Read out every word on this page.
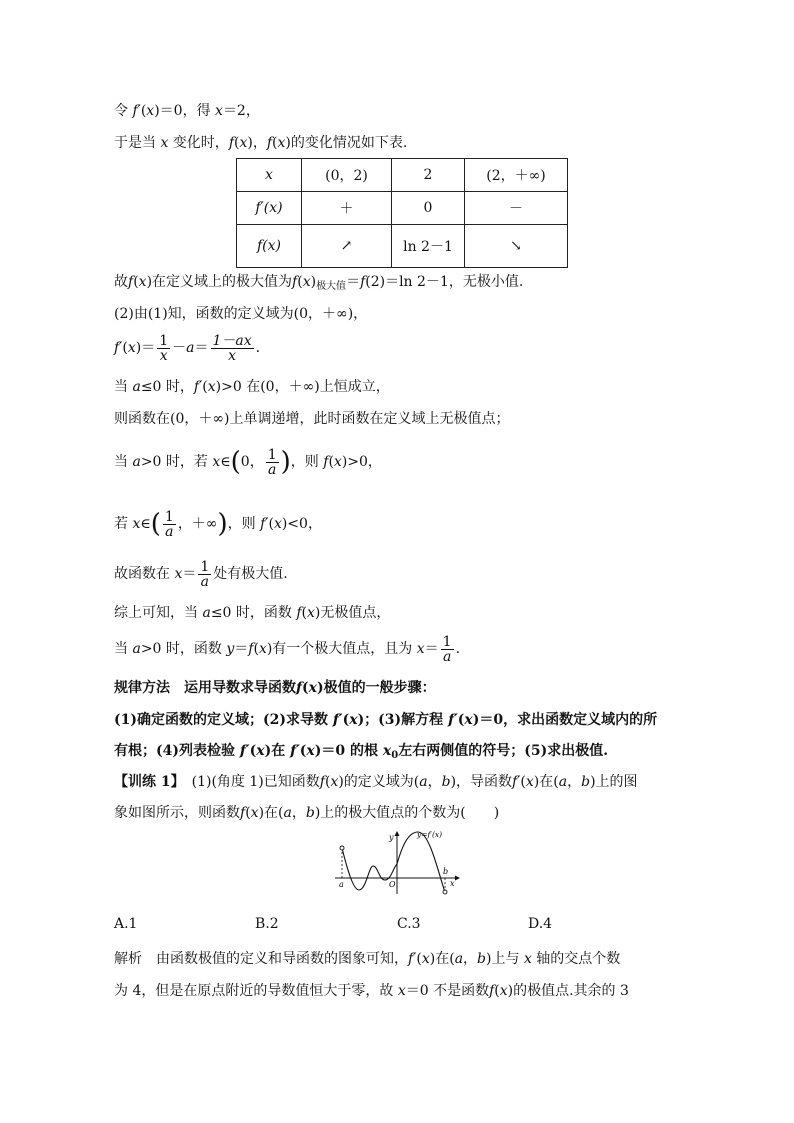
令 f′(x)＝0，得 x＝2，
于是当 x 变化时，f(x)，f(x)的变化情况如下表.
x	(0，2)	2	(2，＋∞)
f′(x)	＋	0	－
f(x)	↗	ln 2－1	↘
故f(x)在定义域上的极大值为$f(x)_{极大值}=f(2)=\ln$ 2－1，无极小值.
(2)由(1)知，函数的定义域为(0，＋∞)，
$f'(x)= \frac{1}{x} -a= \frac{1-ax}{x}$ .
当 a≤0 时，f′(x)>0 在(0，＋∞)上恒成立，
则函数在(0，＋∞)上单调递增，此时函数在定义域上无极值点；
当 a>0 时，若 x∈(0， $\frac{1}{a}$ )，则 f(x)>0，
若 x∈( $\frac{1}{a}$ ，＋∞)，则 f′(x)<0，
故函数在 $x= \frac{1}{a}$ 处有极大值.
综上可知，当 a≤0 时，函数 f(x)无极值点，
当 a>0 时，函数 y＝f(x)有一个极大值点，且为 $x= \frac{1}{a}$ .
规律方法　运用导数求导函数f(x)极值的一般步骤：
(1)确定函数的定义域；(2)求导数 f′(x)；(3)解方程 f′(x)＝0，求出函数定义域内的所
有根；(4)列表检验 f′(x)在 f′(x)＝0 的根 $x_0$左右两侧值的符号；(5)求出极值.
【训练 1】　(1)(角度 1)已知函数f(x)的定义域为(a，b)，导函数f′(x)在(a，b)上的图
象如图所示，则函数f(x)在(a，b)上的极大值点的个数为(　　)
y	y=f′(x)
a	O
b
x
A.1	B.2	C.3	D.4
解析　由函数极值的定义和导函数的图象可知，f′(x)在(a，b)上与 x 轴的交点个数
为 4，但是在原点附近的导数值恒大于零，故 x＝0 不是函数f(x)的极值点.其余的 3
